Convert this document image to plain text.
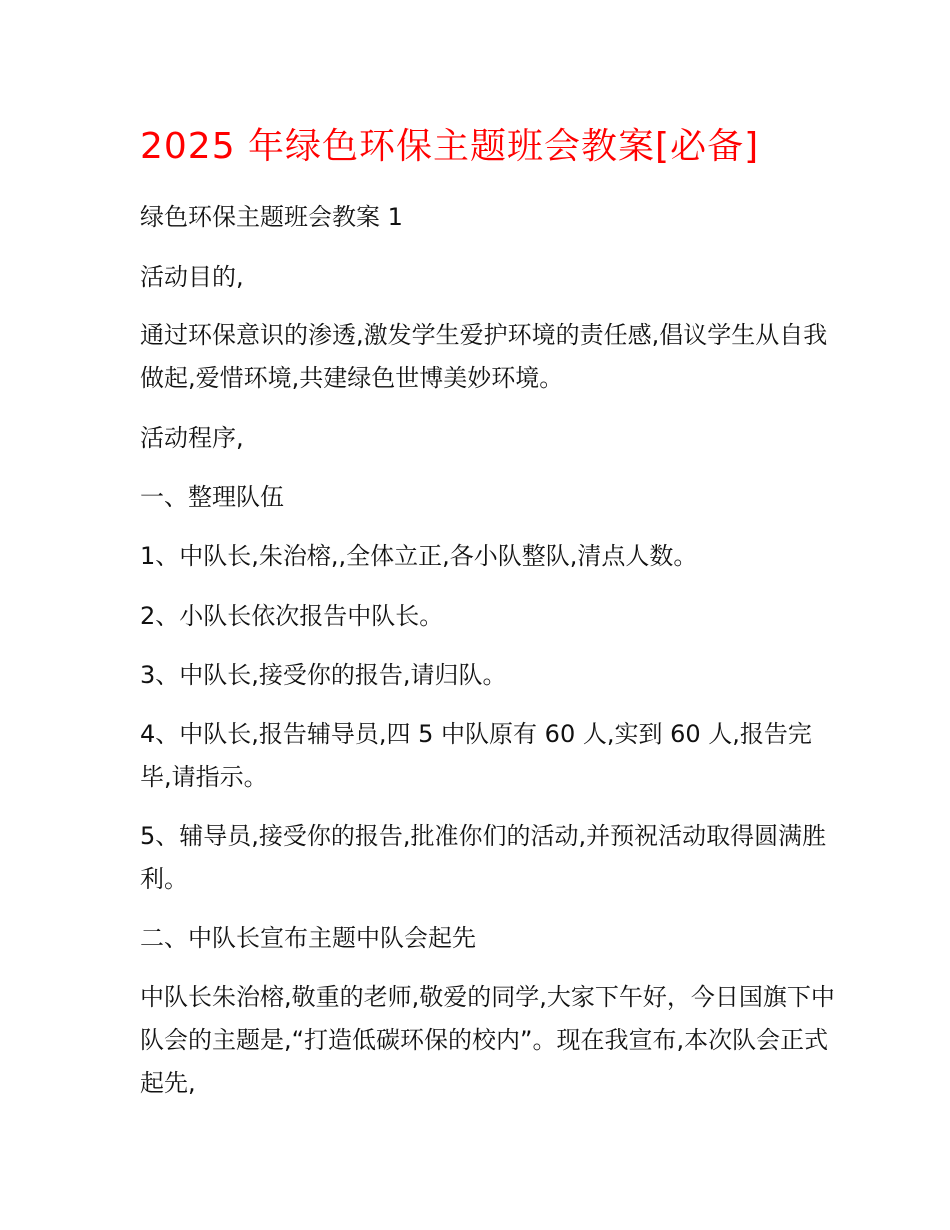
2025 年绿色环保主题班会教案[必备]

绿色环保主题班会教案 1

活动目的,

通过环保意识的渗透,激发学生爱护环境的责任感,倡议学生从自我做起,爱惜环境,共建绿色世博美妙环境。

活动程序,

一、整理队伍

1、中队长,朱治榕,,全体立正,各小队整队,清点人数。

2、小队长依次报告中队长。

3、中队长,接受你的报告,请归队。

4、中队长,报告辅导员,四 5 中队原有 60 人,实到 60 人,报告完毕,请指示。

5、辅导员,接受你的报告,批准你们的活动,并预祝活动取得圆满胜利。

二、中队长宣布主题中队会起先

中队长朱治榕,敬重的老师,敬爱的同学,大家下午好，今日国旗下中队会的主题是,“打造低碳环保的校内”。现在我宣布,本次队会正式起先,
